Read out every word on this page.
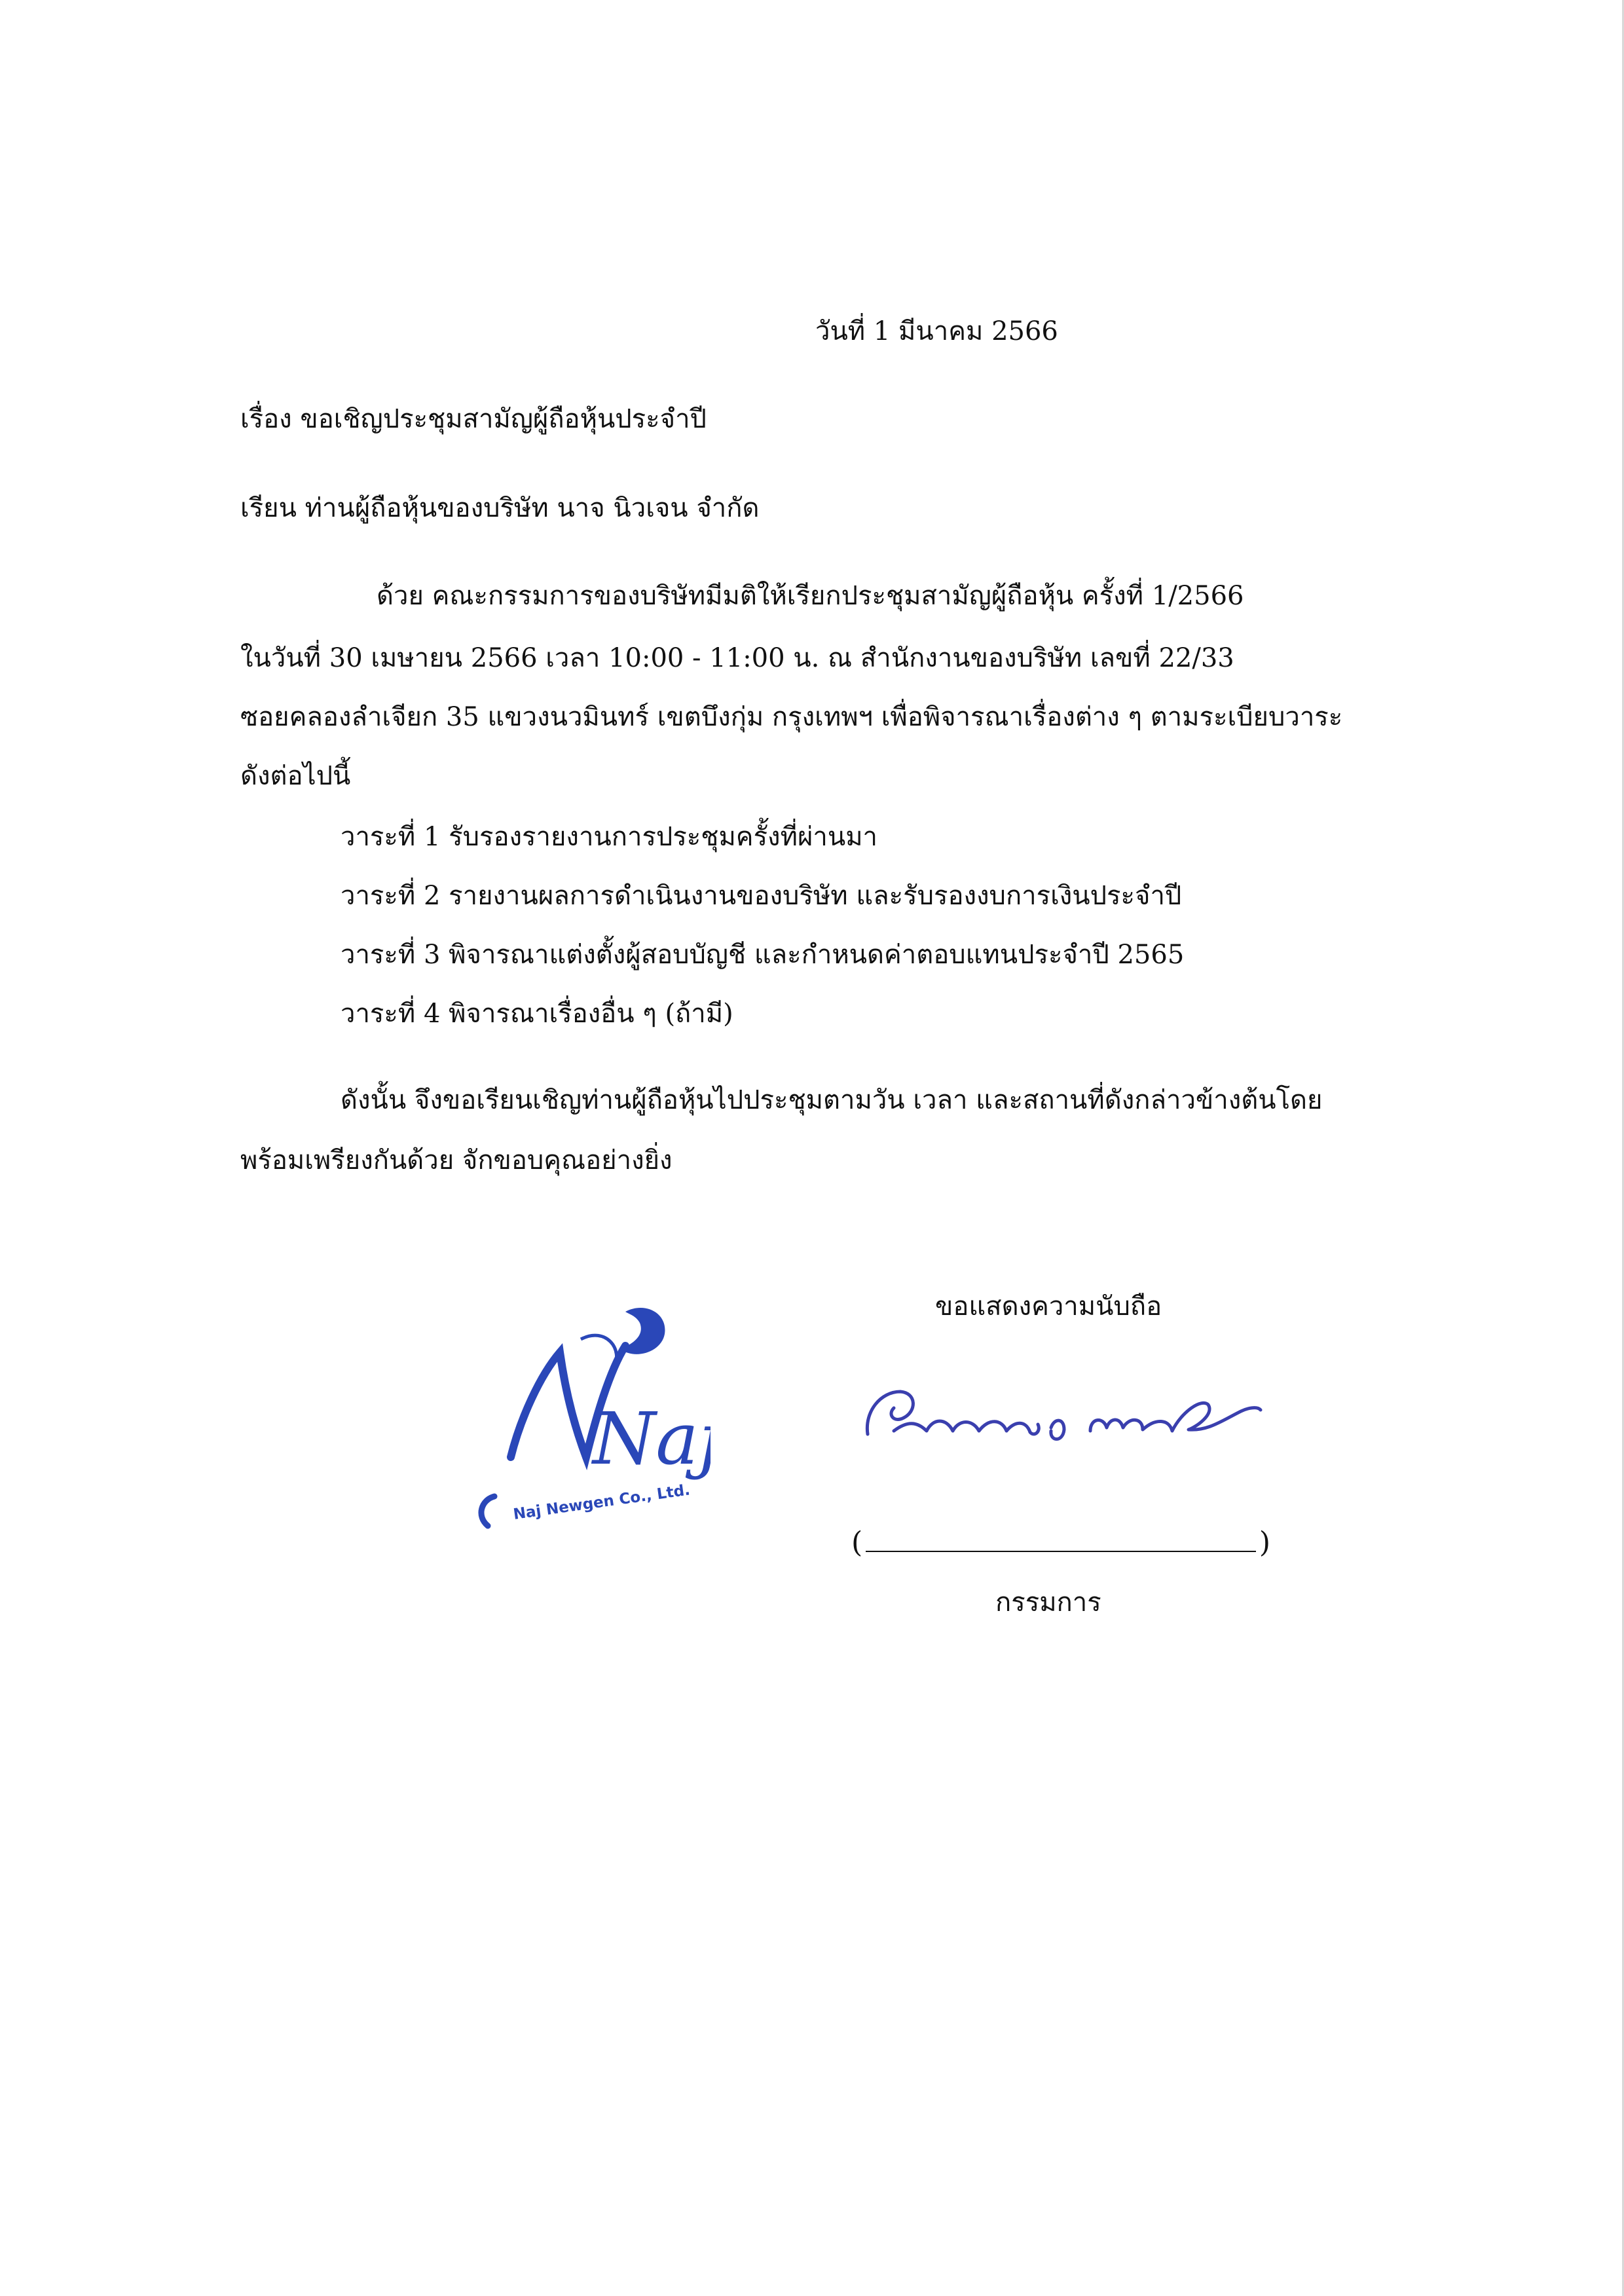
วันที่ 1 มีนาคม 2566
เรื่อง ขอเชิญประชุมสามัญผู้ถือหุ้นประจำปี
เรียน ท่านผู้ถือหุ้นของบริษัท นาจ นิวเจน จำกัด
ด้วย คณะกรรมการของบริษัทมีมติให้เรียกประชุมสามัญผู้ถือหุ้น ครั้งที่ 1/2566
ในวันที่ 30 เมษายน 2566 เวลา 10:00 - 11:00 น. ณ สำนักงานของบริษัท เลขที่ 22/33
ซอยคลองลำเจียก 35 แขวงนวมินทร์ เขตบึงกุ่ม กรุงเทพฯ เพื่อพิจารณาเรื่องต่าง ๆ ตามระเบียบวาระ
ดังต่อไปนี้
วาระที่ 1 รับรองรายงานการประชุมครั้งที่ผ่านมา
วาระที่ 2 รายงานผลการดำเนินงานของบริษัท และรับรองงบการเงินประจำปี
วาระที่ 3 พิจารณาแต่งตั้งผู้สอบบัญชี และกำหนดค่าตอบแทนประจำปี 2565
วาระที่ 4 พิจารณาเรื่องอื่น ๆ (ถ้ามี)
ดังนั้น จึงขอเรียนเชิญท่านผู้ถือหุ้นไปประชุมตามวัน เวลา และสถานที่ดังกล่าวข้างต้นโดย
พร้อมเพรียงกันด้วย จักขอบคุณอย่างยิ่ง
ขอแสดงความนับถือ
Naj
Naj Newgen Co., Ltd.
(	)
กรรมการ
